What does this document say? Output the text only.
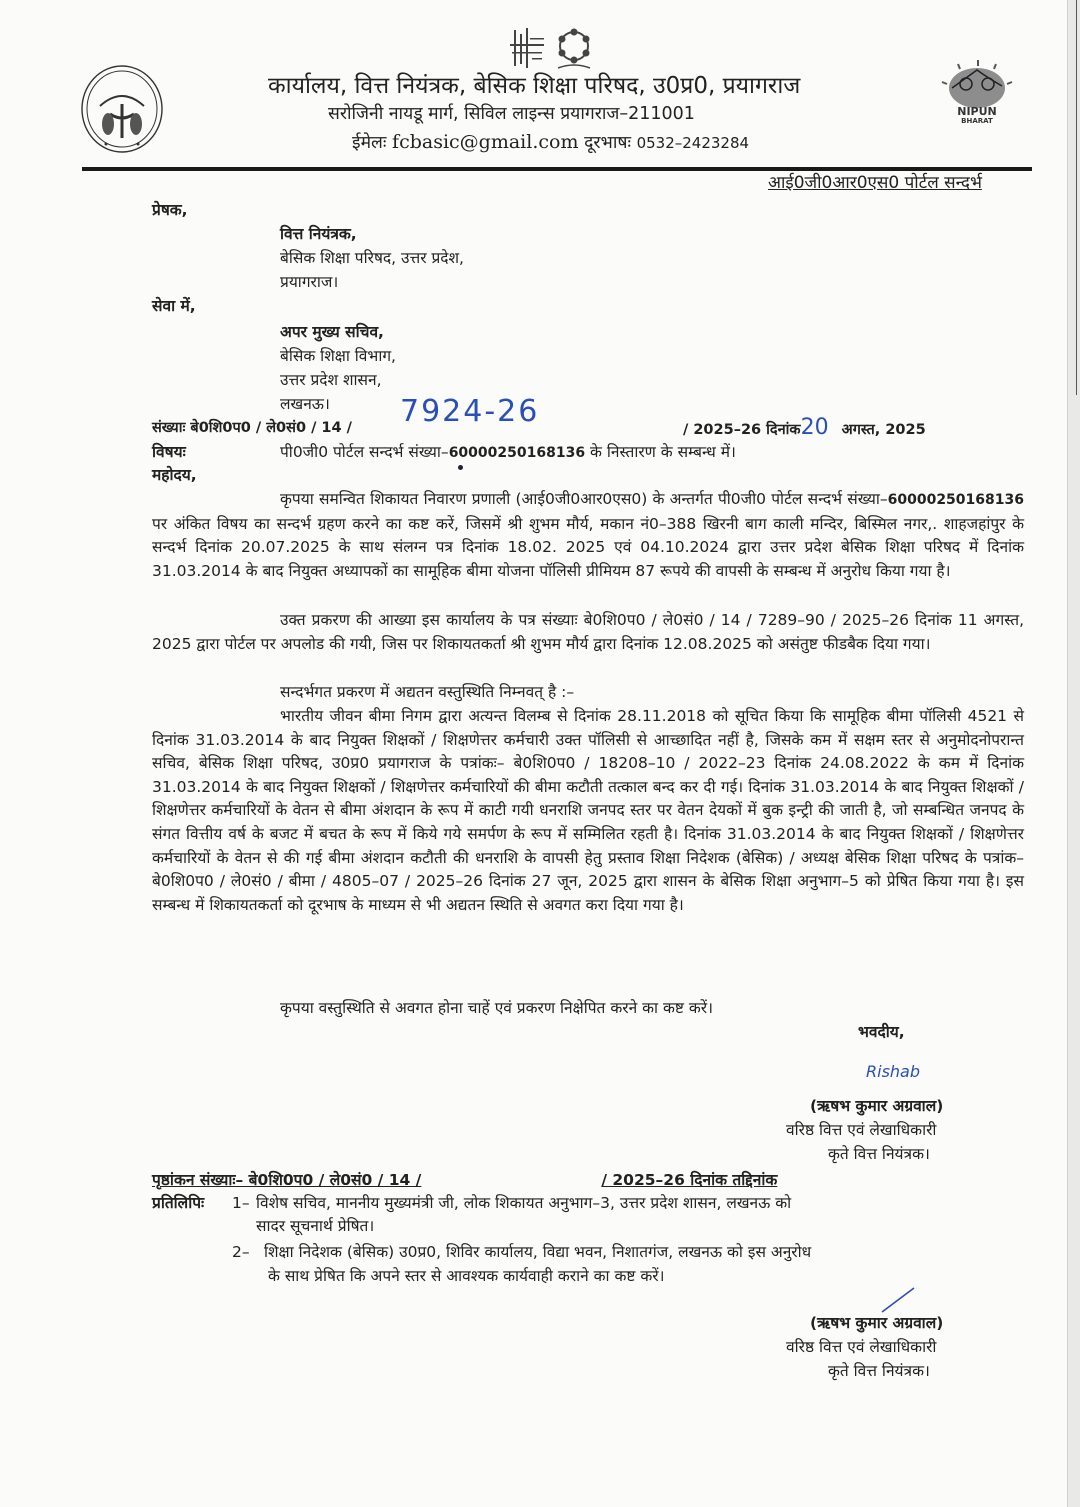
NIPUN
BHARAT
कार्यालय, वित्त नियंत्रक, बेसिक शिक्षा परिषद, उ0प्र0, प्रयागराज
सरोजिनी नायडू मार्ग, सिविल लाइन्स प्रयागराज–211001
ईमेलः fcbasic@gmail.com दूरभाषः 0532–2423284
आई0जी0आर0एस0 पोर्टल सन्दर्भ
प्रेषक,
वित्त नियंत्रक,
बेसिक शिक्षा परिषद, उत्तर प्रदेश,
प्रयागराज।
सेवा में,
अपर मुख्य सचिव,
बेसिक शिक्षा विभाग,
उत्तर प्रदेश शासन,
लखनऊ।
संख्याः बे0शि0प0 / ले0सं0 / 14 / 7924-26
/ 2025–26 दिनांक20 अगस्त, 2025
विषयः	पी0जी0 पोर्टल सन्दर्भ संख्या–60000250168136 के निस्तारण के सम्बन्ध में।
महोदय,
कृपया समन्वित शिकायत निवारण प्रणाली (आई0जी0आर0एस0) के अन्तर्गत पी0जी0 पोर्टल सन्दर्भ संख्या–60000250168136 पर अंकित विषय का सन्दर्भ ग्रहण करने का कष्ट करें, जिसमें श्री शुभम मौर्य, मकान नं0–388 खिरनी बाग काली मन्दिर, बिस्मिल नगर,. शाहजहांपुर के सन्दर्भ दिनांक 20.07.2025 के साथ संलग्न पत्र दिनांक 18.02. 2025 एवं 04.10.2024 द्वारा उत्तर प्रदेश बेसिक शिक्षा परिषद में दिनांक 31.03.2014 के बाद नियुक्त अध्यापकों का सामूहिक बीमा योजना पॉलिसी प्रीमियम 87 रूपये की वापसी के सम्बन्ध में अनुरोध किया गया है।
उक्त प्रकरण की आख्या इस कार्यालय के पत्र संख्याः बे0शि0प0 / ले0सं0 / 14 / 7289–90 / 2025–26 दिनांक 11 अगस्त, 2025 द्वारा पोर्टल पर अपलोड की गयी, जिस पर शिकायतकर्ता श्री शुभम मौर्य द्वारा दिनांक 12.08.2025 को असंतुष्ट फीडबैक दिया गया।
सन्दर्भगत प्रकरण में अद्यतन वस्तुस्थिति निम्नवत् है :–
भारतीय जीवन बीमा निगम द्वारा अत्यन्त विलम्ब से दिनांक 28.11.2018 को सूचित किया कि सामूहिक बीमा पॉलिसी 4521 से दिनांक 31.03.2014 के बाद नियुक्त शिक्षकों / शिक्षणेत्तर कर्मचारी उक्त पॉलिसी से आच्छादित नहीं है, जिसके कम में सक्षम स्तर से अनुमोदनोपरान्त सचिव, बेसिक शिक्षा परिषद, उ0प्र0 प्रयागराज के पत्रांकः– बे0शि0प0 / 18208–10 / 2022–23 दिनांक 24.08.2022 के कम में दिनांक 31.03.2014 के बाद नियुक्त शिक्षकों / शिक्षणेत्तर कर्मचारियों की बीमा कटौती तत्काल बन्द कर दी गई। दिनांक 31.03.2014 के बाद नियुक्त शिक्षकों / शिक्षणेत्तर कर्मचारियों के वेतन से बीमा अंशदान के रूप में काटी गयी धनराशि जनपद स्तर पर वेतन देयकों में बुक इन्ट्री की जाती है, जो सम्बन्धित जनपद के संगत वित्तीय वर्ष के बजट में बचत के रूप में किये गये समर्पण के रूप में सम्मिलित रहती है। दिनांक 31.03.2014 के बाद नियुक्त शिक्षकों / शिक्षणेत्तर कर्मचारियों के वेतन से की गई बीमा अंशदान कटौती की धनराशि के वापसी हेतु प्रस्ताव शिक्षा निदेशक (बेसिक) / अध्यक्ष बेसिक शिक्षा परिषद के पत्रांक– बे0शि0प0 / ले0सं0 / बीमा / 4805–07 / 2025–26 दिनांक 27 जून, 2025 द्वारा शासन के बेसिक शिक्षा अनुभाग–5 को प्रेषित किया गया है। इस सम्बन्ध में शिकायतकर्ता को दूरभाष के माध्यम से भी अद्यतन स्थिति से अवगत करा दिया गया है।
कृपया वस्तुस्थिति से अवगत होना चाहें एवं प्रकरण निक्षेपित करने का कष्ट करें।
भवदीय,
Rishab
(ऋषभ कुमार अग्रवाल)
वरिष्ठ वित्त एवं लेखाधिकारी
कृते वित्त नियंत्रक।
पृष्ठांकन संख्याः– बे0शि0प0 / ले0सं0 / 14 /	/ 2025–26 दिनांक तद्दिनांक
प्रतिलिपिः 1– विशेष सचिव, माननीय मुख्यमंत्री जी, लोक शिकायत अनुभाग–3, उत्तर प्रदेश शासन, लखनऊ को
सादर सूचनार्थ प्रेषित।
2– शिक्षा निदेशक (बेसिक) उ0प्र0, शिविर कार्यालय, विद्या भवन, निशातगंज, लखनऊ को इस अनुरोध
के साथ प्रेषित कि अपने स्तर से आवश्यक कार्यवाही कराने का कष्ट करें।
(ऋषभ कुमार अग्रवाल)
वरिष्ठ वित्त एवं लेखाधिकारी
कृते वित्त नियंत्रक।
